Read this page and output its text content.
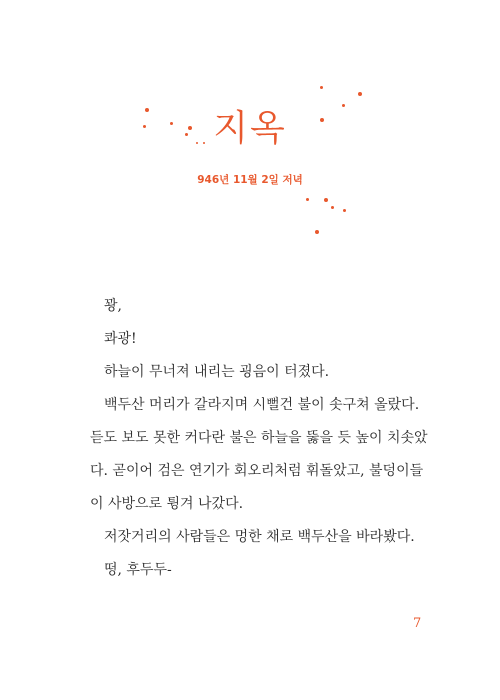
지옥
946년 11월 2일 저녁

꽝,

콰광!

하늘이 무너져 내리는 굉음이 터졌다.

백두산 머리가 갈라지며 시뻘건 불이 솟구쳐 올랐다.

듣도 보도 못한 커다란 불은 하늘을 뚫을 듯 높이 치솟았

다. 곧이어 검은 연기가 회오리처럼 휘돌았고, 불덩이들

이 사방으로 튕겨 나갔다.

저잣거리의 사람들은 멍한 채로 백두산을 바라봤다.

떵, 후두두-

7
